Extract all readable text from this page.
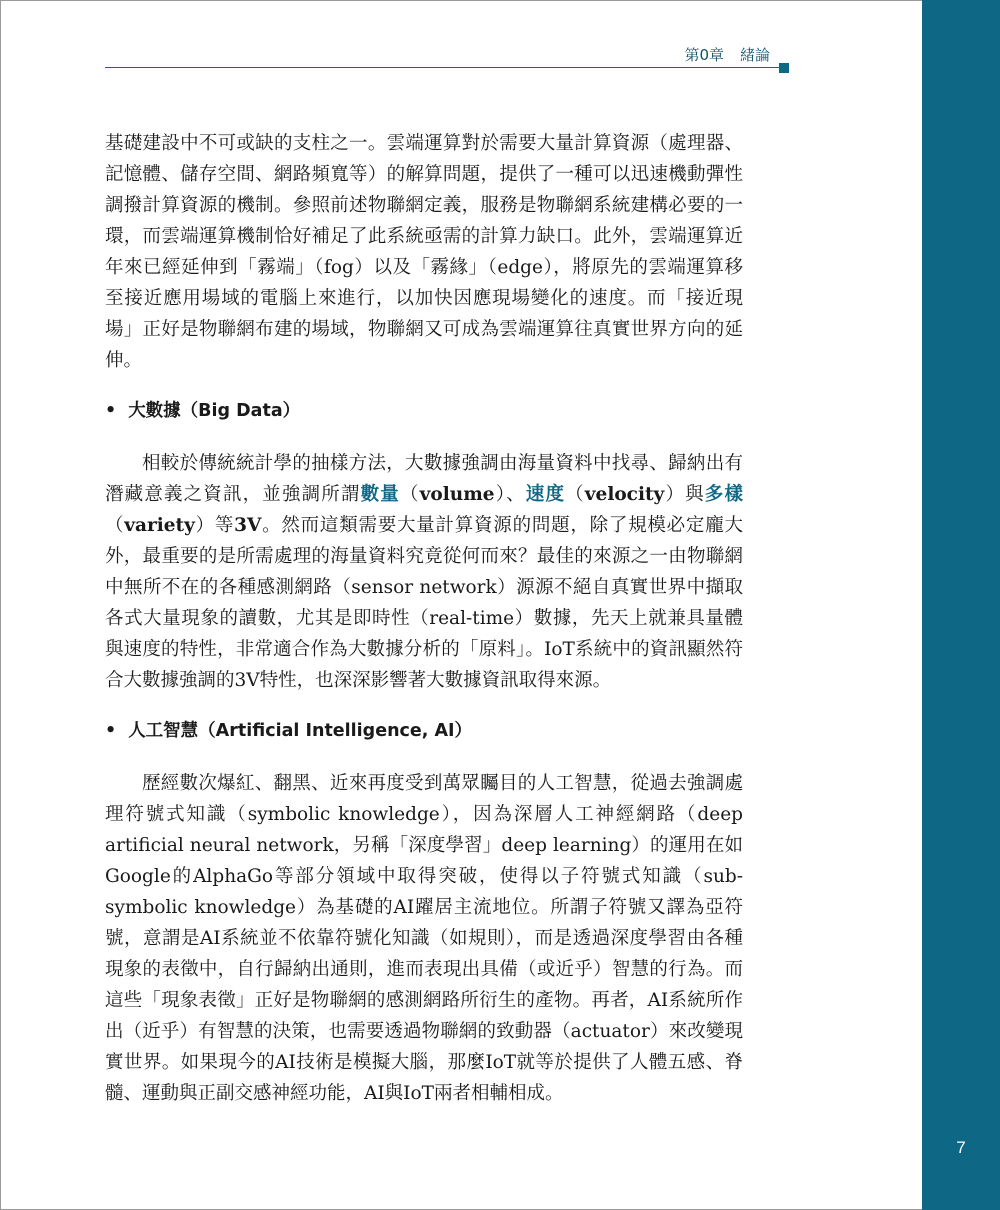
7
第0章 緒論

基礎建設中不可或缺的支柱之一。雲端運算對於需要大量計算資源（處理器、記憶體、儲存空間、網路頻寬等）的解算問題，提供了一種可以迅速機動彈性調撥計算資源的機制。參照前述物聯網定義，服務是物聯網系統建構必要的一環，而雲端運算機制恰好補足了此系統亟需的計算力缺口。此外，雲端運算近年來已經延伸到「霧端」（fog）以及「霧緣」（edge），將原先的雲端運算移至接近應用場域的電腦上來進行，以加快因應現場變化的速度。而「接近現場」正好是物聯網布建的場域，物聯網又可成為雲端運算往真實世界方向的延伸。

• 大數據（Big Data）

相較於傳統統計學的抽樣方法，大數據強調由海量資料中找尋、歸納出有潛藏意義之資訊，並強調所謂數量（volume）、速度（velocity）與多樣（variety）等3V。然而這類需要大量計算資源的問題，除了規模必定龐大外，最重要的是所需處理的海量資料究竟從何而來？最佳的來源之一由物聯網中無所不在的各種感測網路（sensor network）源源不絕自真實世界中擷取各式大量現象的讀數，尤其是即時性（real-time）數據，先天上就兼具量體與速度的特性，非常適合作為大數據分析的「原料」。IoT系統中的資訊顯然符合大數據強調的3V特性，也深深影響著大數據資訊取得來源。

• 人工智慧（Artificial Intelligence, AI）

歷經數次爆紅、翻黑、近來再度受到萬眾矚目的人工智慧，從過去強調處理符號式知識（symbolic knowledge），因為深層人工神經網路（deep artificial neural network，另稱「深度學習」deep learning）的運用在如Google的AlphaGo等部分領域中取得突破，使得以子符號式知識（sub-symbolic knowledge）為基礎的AI躍居主流地位。所謂子符號又譯為亞符號，意謂是AI系統並不依靠符號化知識（如規則），而是透過深度學習由各種現象的表徵中，自行歸納出通則，進而表現出具備（或近乎）智慧的行為。而這些「現象表徵」正好是物聯網的感測網路所衍生的產物。再者，AI系統所作出（近乎）有智慧的決策，也需要透過物聯網的致動器（actuator）來改變現實世界。如果現今的AI技術是模擬大腦，那麼IoT就等於提供了人體五感、脊髓、運動與正副交感神經功能，AI與IoT兩者相輔相成。
